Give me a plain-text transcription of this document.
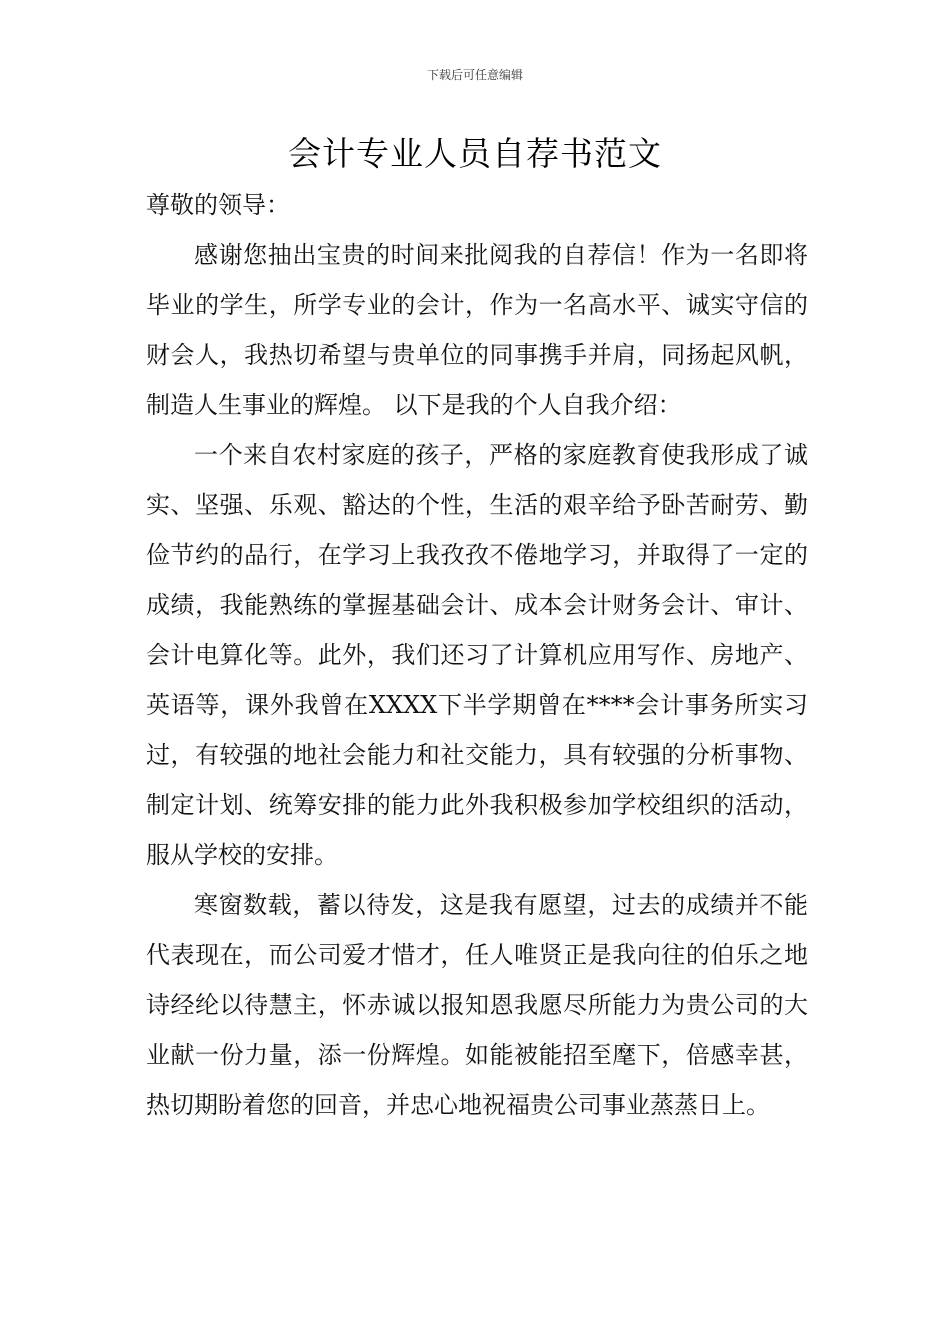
下载后可任意编辑
会计专业人员自荐书范文

尊敬的领导：

感谢您抽出宝贵的时间来批阅我的自荐信！作为一名即将毕业的学生，所学专业的会计，作为一名高水平、诚实守信的财会人，我热切希望与贵单位的同事携手并肩，同扬起风帆，制造人生事业的辉煌。 以下是我的个人自我介绍：

一个来自农村家庭的孩子，严格的家庭教育使我形成了诚实、坚强、乐观、豁达的个性，生活的艰辛给予卧苦耐劳、勤俭节约的品行，在学习上我孜孜不倦地学习，并取得了一定的成绩，我能熟练的掌握基础会计、成本会计财务会计、审计、会计电算化等。此外，我们还习了计算机应用写作、房地产、英语等，课外我曾在XXXX下半学期曾在****会计事务所实习过，有较强的地社会能力和社交能力，具有较强的分析事物、制定计划、统筹安排的能力此外我积极参加学校组织的活动，服从学校的安排。

寒窗数载，蓄以待发，这是我有愿望，过去的成绩并不能代表现在，而公司爱才惜才，任人唯贤正是我向往的伯乐之地诗经纶以待慧主，怀赤诚以报知恩我愿尽所能力为贵公司的大业献一份力量，添一份辉煌。如能被能招至麾下，倍感幸甚，热切期盼着您的回音，并忠心地祝福贵公司事业蒸蒸日上。
